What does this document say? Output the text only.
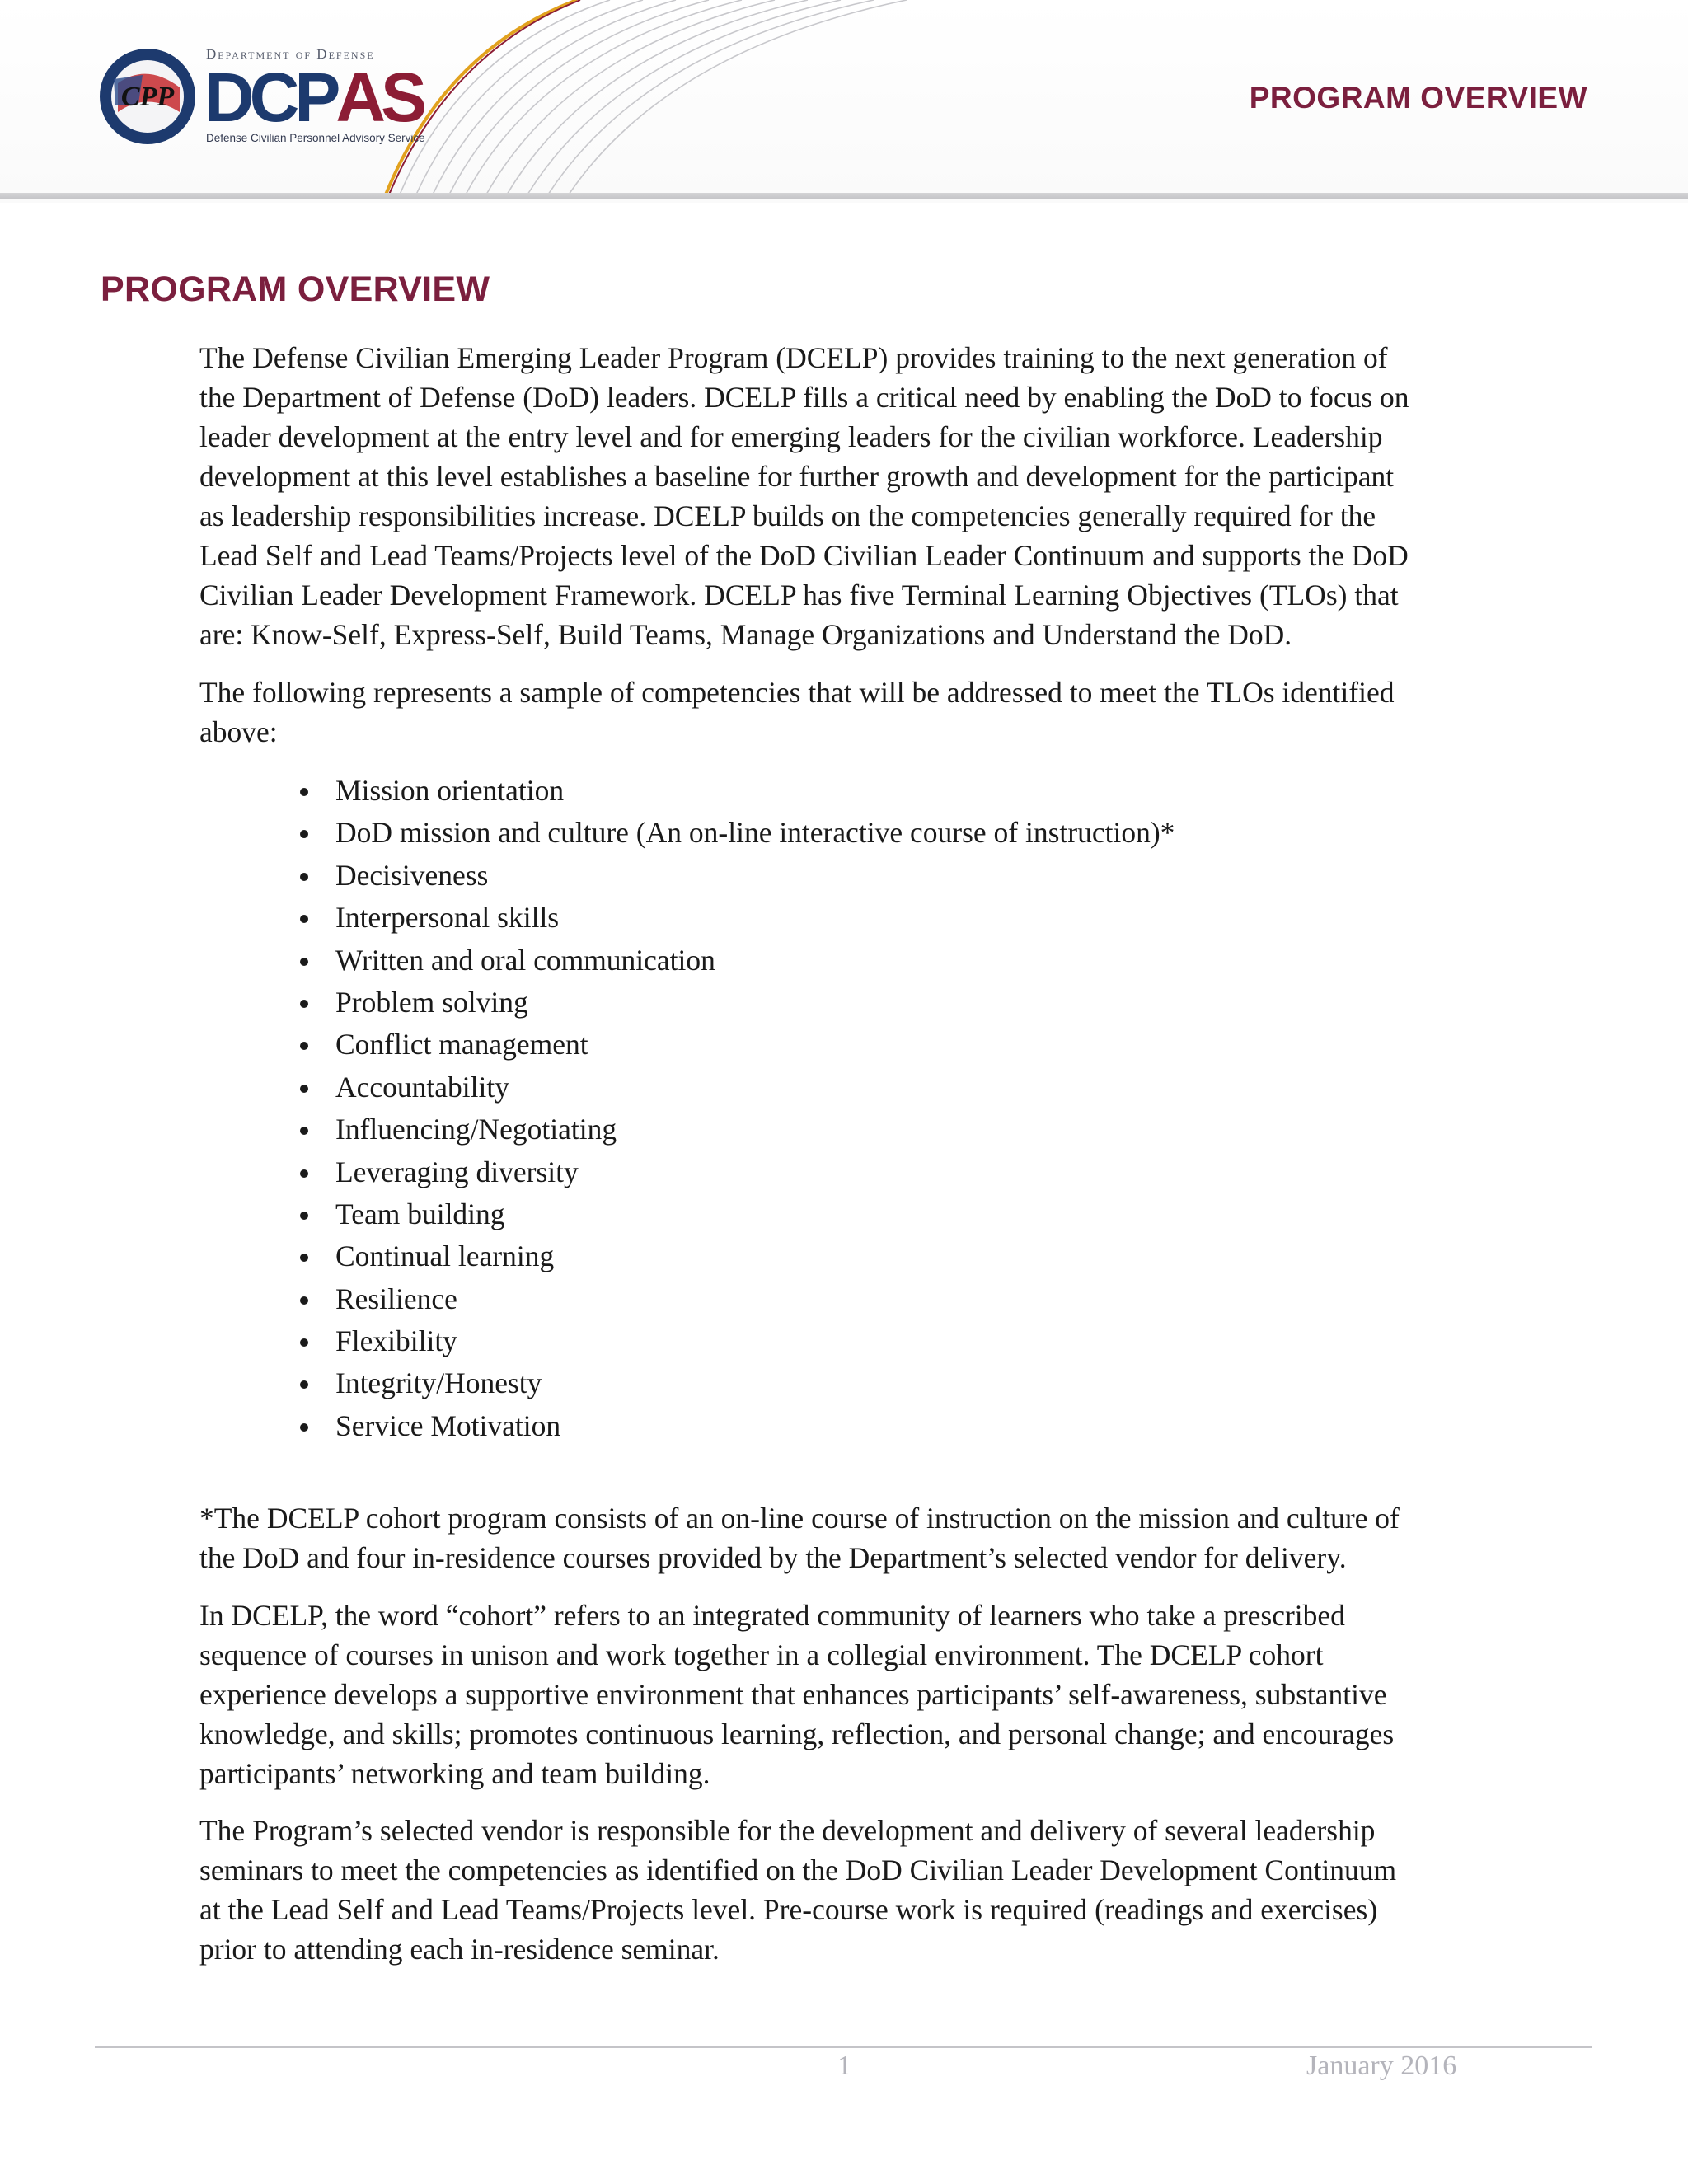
CPP
Department of Defense
DCPAS
Defense Civilian Personnel Advisory Service
PROGRAM OVERVIEW
PROGRAM OVERVIEW
The Defense Civilian Emerging Leader Program (DCELP) provides training to the next generation of
the Department of Defense (DoD) leaders. DCELP fills a critical need by enabling the DoD to focus on
leader development at the entry level and for emerging leaders for the civilian workforce. Leadership
development at this level establishes a baseline for further growth and development for the participant
as leadership responsibilities increase. DCELP builds on the competencies generally required for the
Lead Self and Lead Teams/Projects level of the DoD Civilian Leader Continuum and supports the DoD
Civilian Leader Development Framework. DCELP has five Terminal Learning Objectives (TLOs) that
are: Know-Self, Express-Self, Build Teams, Manage Organizations and Understand the DoD.
The following represents a sample of competencies that will be addressed to meet the TLOs identified
above:
Mission orientation
DoD mission and culture (An on-line interactive course of instruction)*
Decisiveness
Interpersonal skills
Written and oral communication
Problem solving
Conflict management
Accountability
Influencing/Negotiating
Leveraging diversity
Team building
Continual learning
Resilience
Flexibility
Integrity/Honesty
Service Motivation
*The DCELP cohort program consists of an on-line course of instruction on the mission and culture of
the DoD and four in-residence courses provided by the Department’s selected vendor for delivery.
In DCELP, the word “cohort” refers to an integrated community of learners who take a prescribed
sequence of courses in unison and work together in a collegial environment. The DCELP cohort
experience develops a supportive environment that enhances participants’ self-awareness, substantive
knowledge, and skills; promotes continuous learning, reflection, and personal change; and encourages
participants’ networking and team building.
The Program’s selected vendor is responsible for the development and delivery of several leadership
seminars to meet the competencies as identified on the DoD Civilian Leader Development Continuum
at the Lead Self and Lead Teams/Projects level. Pre-course work is required (readings and exercises)
prior to attending each in-residence seminar.
1	January 2016
